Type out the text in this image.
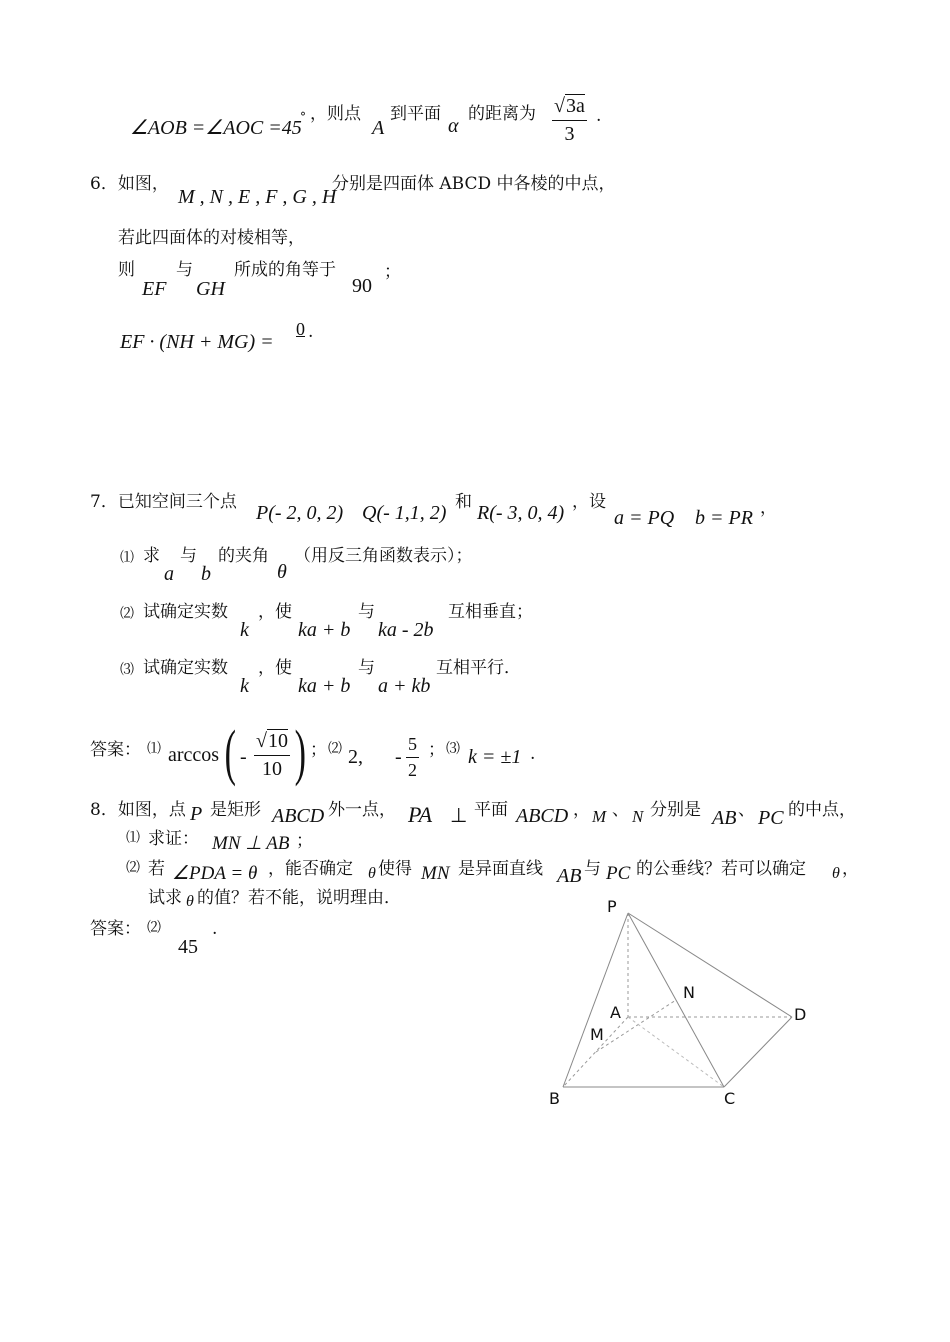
∠AOB =∠AOC =45
° ，则点
A
到平面
α
的距离为 $\frac{√3a}{3}$ .
6．如图，
M , N , E , F , G , H
分别是四面体 ABCD 中各棱的中点，
若此四面体的对棱相等，
则
EF
与
GH
所成的角等于
90
；
EF · (NH + MG) =
0 .
7．已知空间三个点 P(- 2, 0, 2) Q(- 1,1, 2) 和 R(- 3, 0, 4) ，设
a = PQ b = PR ，
⑴ 求
a
与
b
的夹角
θ
（用反三角函数表示）；
⑵ 试确定实数
k
，使
ka + b
与
ka - 2b
互相垂直；
⑶ 试确定实数
k
，使
ka + b
与
a + kb
互相平行．
答案： ⑴ arccos ( - $\frac{√10}{10}$ ) ； ⑵ 2, - $\frac{5}{2}$ ； ⑶ k = ±1 .
8．如图，点 P 是矩形 ABCD 外一点， PA ⊥ 平面 ABCD ， M 、 N 分别是 AB 、 PC 的中点，
⑴ 求证： MN ⊥ AB ；
⑵ 若 ∠PDA = θ ，能否确定 θ 使得 MN 是异面直线 AB 与 PC 的公垂线？若可以确定 θ ，
试求 θ 的值？若不能，说明理由．
答案： ⑵
45
.
P
A
B	C
D
M
N
